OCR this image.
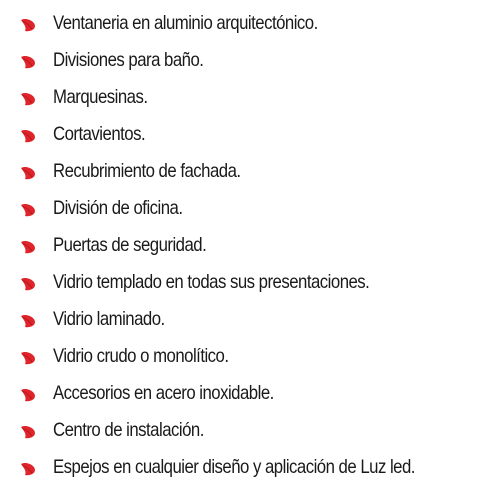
Ventaneria en aluminio arquitectónico.
Divisiones para baño.
Marquesinas.
Cortavientos.
Recubrimiento de fachada.
División de oficina.
Puertas de seguridad.
Vidrio templado en todas sus presentaciones.
Vidrio laminado.
Vidrio crudo o monolítico.
Accesorios en acero inoxidable.
Centro de instalación.
Espejos en cualquier diseño y aplicación de Luz led.
